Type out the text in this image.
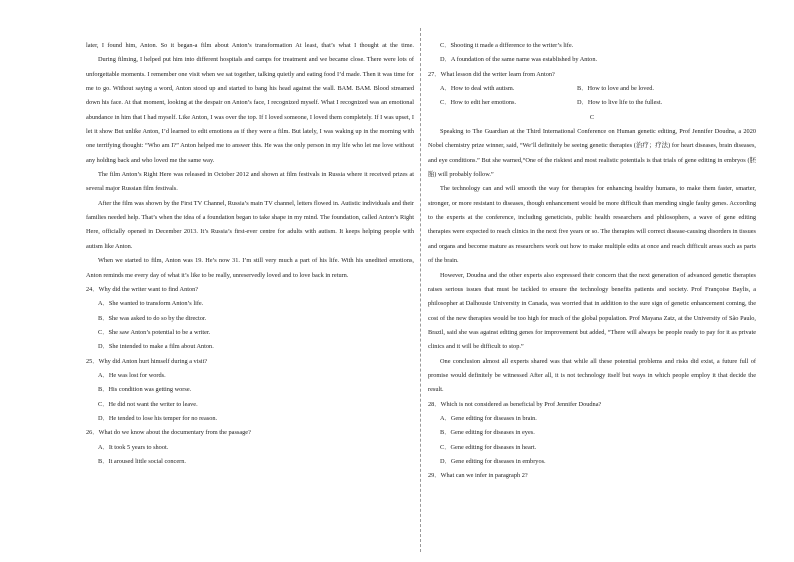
later, I found him, Anton. So it began-a film about Anton’s transformation At least, that’s what I thought at the time.

During filming, I helped put him into different hospitals and camps for treatment and we became close. There were lots of unforgettable moments. I remember one visit when we sat together, talking quietly and eating food I’d made. Then it was time for me to go. Without saying a word, Anton stood up and started to bang his head against the wall. BAM. BAM. Blood streamed down his face. At that moment, looking at the despair on Anton’s face, I recognized myself. What I recognized was an emotional abundance in him that I had myself. Like Anton, I was over the top. If I loved someone, I loved them completely. If I was upset, I let it show But unlike Anton, I’d learned to edit emotions as if they were a film. But lately, I was waking up in the morning with one terrifying thought: “Who am I?” Anton helped me to answer this. He was the only person in my life who let me love without any holding back and who loved me the same way.

The film Anton’s Right Here was released in October 2012 and shown at film festivals in Russia where it received prizes at several major Russian film festivals.

After the film was shown by the First TV Channel, Russia’s main TV channel, letters flowed in. Autistic individuals and their families needed help. That’s when the idea of a foundation began to take shape in my mind. The foundation, called Anton’s Right Here, officially opened in December 2013. It’s Russia’s first-ever centre for adults with autism. It keeps helping people with autism like Anton.

When we started to film, Anton was 19. He’s now 31. I’m still very much a part of his life. With his unedited emotions, Anton reminds me every day of what it’s like to be really, unreservedly loved and to love back in return.

24．Why did the writer want to find Anton?

A．She wanted to transform Anton’s life.

B．She was asked to do so by the director.

C．She saw Anton’s potential to be a writer.

D．She intended to make a film about Anton.

25．Why did Anton hurt himself during a visit?

A．He was lost for words.

B．His condition was getting worse.

C．He did not want the writer to leave.

D．He tended to lose his temper for no reason.

26．What do we know about the documentary from the passage?

A．It took 5 years to shoot.

B．It aroused little social concern.

C．Shooting it made a difference to the writer’s life.

D．A foundation of the same name was established by Anton.

27．What lesson did the writer learn from Anton?

A．How to deal with autism.	B．How to love and be loved.

C．How to edit her emotions.	D．How to live life to the fullest.

C

Speaking to The Guardian at the Third International Conference on Human genetic editing, Prof Jennifer Doudna, a 2020 Nobel chemistry prize winner, said, “We’ll definitely be seeing genetic therapies (治疗；疗法) for heart diseases, brain diseases, and eye conditions.” But she warned,“One of the riskiest and most realistic potentials is that trials of gene editing in embryos (胚胎) will probably follow.”

The technology can and will smooth the way for therapies for enhancing healthy humans, to make them faster, smarter, stronger, or more resistant to diseases, though enhancement would be more difficult than mending single faulty genes. According to the experts at the conference, including geneticists, public health researchers and philosophers, a wave of gene editing therapies were expected to reach clinics in the next five years or so. The therapies will correct disease-causing disorders in tissues and organs and become mature as researchers work out how to make multiple edits at once and reach difficult areas such as parts of the brain.

However, Doudna and the other experts also expressed their concern that the next generation of advanced genetic therapies raises serious issues that must be tackled to ensure the technology benefits patients and society. Prof Françoise Baylis, a philosopher at Dalhousie University in Canada, was worried that in addition to the sure sign of genetic enhancement coming, the cost of the new therapies would be too high for much of the global population. Prof Mayana Zatz, at the University of São Paulo, Brazil, said she was against editing genes for improvement but added, “There will always be people ready to pay for it as private clinics and it will be difficult to stop.”

One conclusion almost all experts shared was that while all these potential problems and risks did exist, a future full of promise would definitely be witnessed After all, it is not technology itself but ways in which people employ it that decide the result.

28．Which is not considered as beneficial by Prof Jennifer Doudna?

A．Gene editing for diseases in brain.

B．Gene editing for diseases in eyes.

C．Gene editing for diseases in heart.

D．Gene editing for diseases in embryos.

29．What can we infer in paragraph 2?
